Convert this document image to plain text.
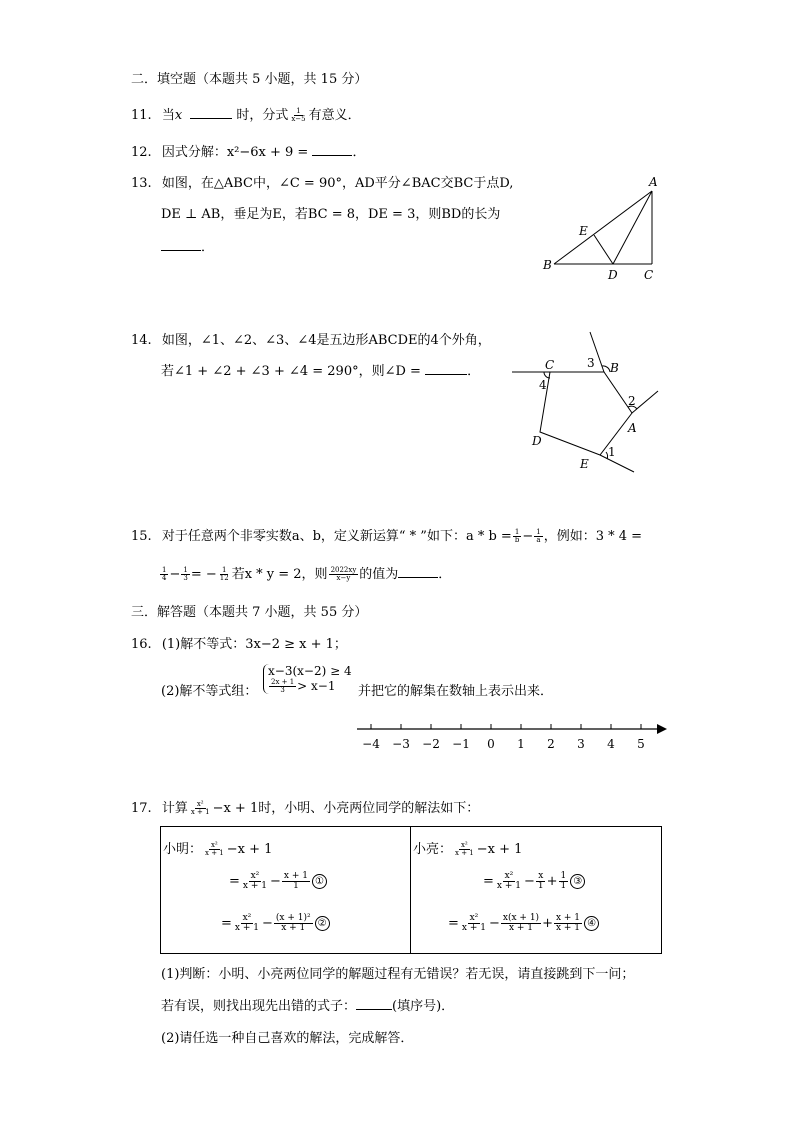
二．填空题（本题共 5 小题，共 15 分）
11. 当x	时，分式 $\frac{1}{x-5}$ 有意义．
12. 因式分解：x²−6x + 9 =	．
13. 如图，在△ABC中，∠C = 90°，AD平分∠BAC交BC于点D,
DE ⊥ AB，垂足为E，若BC = 8，DE = 3，则BD的长为
．
A
B
C
D
E
14. 如图，∠1、∠2、∠3、∠4是五边形ABCDE的4个外角，
若∠1 + ∠2 + ∠3 + ∠4 = 290°，则∠D =	．	C	B
A
D
E
4
3
2
1
15. 对于任意两个非零实数a、b，定义新运算“ * ”如下：$a * b = \frac{1}{b} - \frac{1}{a}$ ，例如：3 * 4 =
$\frac{1}{4} - \frac{1}{3}$ = − $\frac{1}{12}$ 若x * y = 2，则 $\frac{2022xy}{x-y}$ 的值为	．
三．解答题（本题共 7 小题，共 55 分）
16. (1)解不等式：3x−2 ≥ x + 1；
(2)解不等式组：
x−3(x−2) ≥ 4
$\frac{2x + 1}{3} > x-1$	并把它的解集在数轴上表示出来．
−4 −3 −2 −1 0 1 2 3 4 5
17. 计算 $\frac{\text{x²}}{x + 1} -x + 1$时，小明、小亮两位同学的解法如下：
小明： $\frac{\text{x²}}{x + 1} -x + 1$
= $\frac{\text{x²}}{x + 1} - \frac{x + 1}{1}$ ①
= $\frac{\text{x²}}{x + 1} - \frac{\text{(x + 1)²}}{x + 1}$ ②
小亮： $\frac{\text{x²}}{x + 1} -x + 1$
= $\frac{\text{x²}}{x + 1} - \frac{x}{1} + \frac{1}{1}$ ③
= $\frac{\text{x²}}{x + 1} - \frac{x(x + 1)}{x + 1} + \frac{x + 1}{x + 1}$ ④
(1)判断：小明、小亮两位同学的解题过程有无错误？若无误，请直接跳到下一问；
若有误，则找出现先出错的式子：	(填序号)．
(2)请任选一种自己喜欢的解法，完成解答．
